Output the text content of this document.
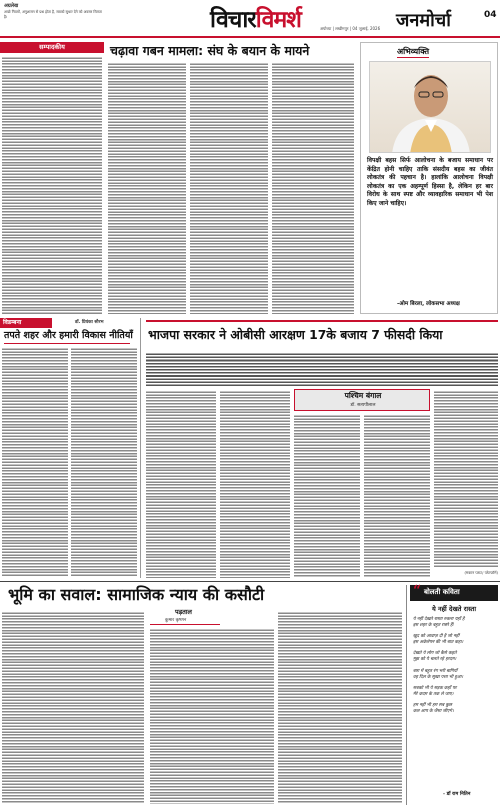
अग्रलेख
अच्छे नियमों, अनुशासन से प्रश्न होता है, सबको सुधार देने को अवसर मिलता है।	विचारविमर्श	अयोध्या | लखीमपुर | 04 जुलाई, 2026 जनमोर्चा	04
सम्पादकीय	चढ़ावा गबन मामला: संघ के बयान के मायने	अभिव्यक्ति
विपक्षी बहस सिर्फ आलोचना के बजाय समाधान पर केंद्रित होनी चाहिए ताकि संसदीय बहस का जीवंत लोकतंत्र की पहचान है। हालांकि आलोचना विपक्षी लोकतंत्र का एक अहम्‍पूर्ण हिस्सा है, लेकिन हर बार विरोध के साथ स्पष्ट और व्यावहारिक समाधान भी पेश किए जाने चाहिए।
-ओम बिरला, लोकसभा अध्यक्ष
विडम्बना	डॉ. प्रियंका सौरभ
तपते शहर और हमारी विकास नीतियाँ भाजपा सरकार ने ओबीसी आरक्षण 17के बजाय 7 फीसदी किया
पश्चिम बंगाल
डॉ. सत्यपीलाल
(मकान प्लाट/ प्लेटफॉर्म)
भूमि का सवाल: सामाजिक न्याय की कसौटी
पड़ताल
कुमार कृष्णन
“ बोलती कविता
ये नहीं देखते रास्ता
ये नहीं देखते रास्ता रुकना यहाँ है
इस शहर के बहुत रास्ते हैं!
खुद को आवाज़ दी है जो नहीं
इस अकेलेपन की भी बात कहा।
देखते ये लोग जो कैसे कहते
मुझ को ये चलते रहे हरदम।
बाग़ में बहुत रंग भरी बागियाँ
वह दिल के सूखा पत्ता भी हुआ।
सबको भी ये सड़क कहाँ पर
मेरे कदम के तक ले जाए।
हम नहीं भी हम सब कुछ
कल आप के जैसा जीएगे।
- डॉ राम नितिन
